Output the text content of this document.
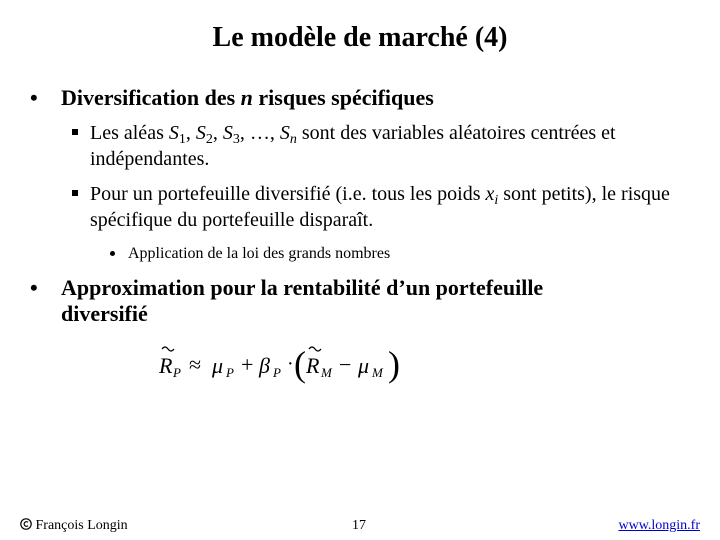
Le modèle de marché (4)
• Diversification des n risques spécifiques
Les aléas $S_1$, $S_2$, $S_3$, …, $S_n$ sont des variables aléatoires centrées et indépendantes.
Pour un portefeuille diversifié (i.e. tous les poids $x_i$ sont petits), le risque spécifique du portefeuille disparaît.
Application de la loi des grands nombres
• Approximation pour la rentabilité d’un portefeuille diversifié
R P ≈ μ P + β P · ( R M − μ M )
François Longin	17	www.longin.fr
